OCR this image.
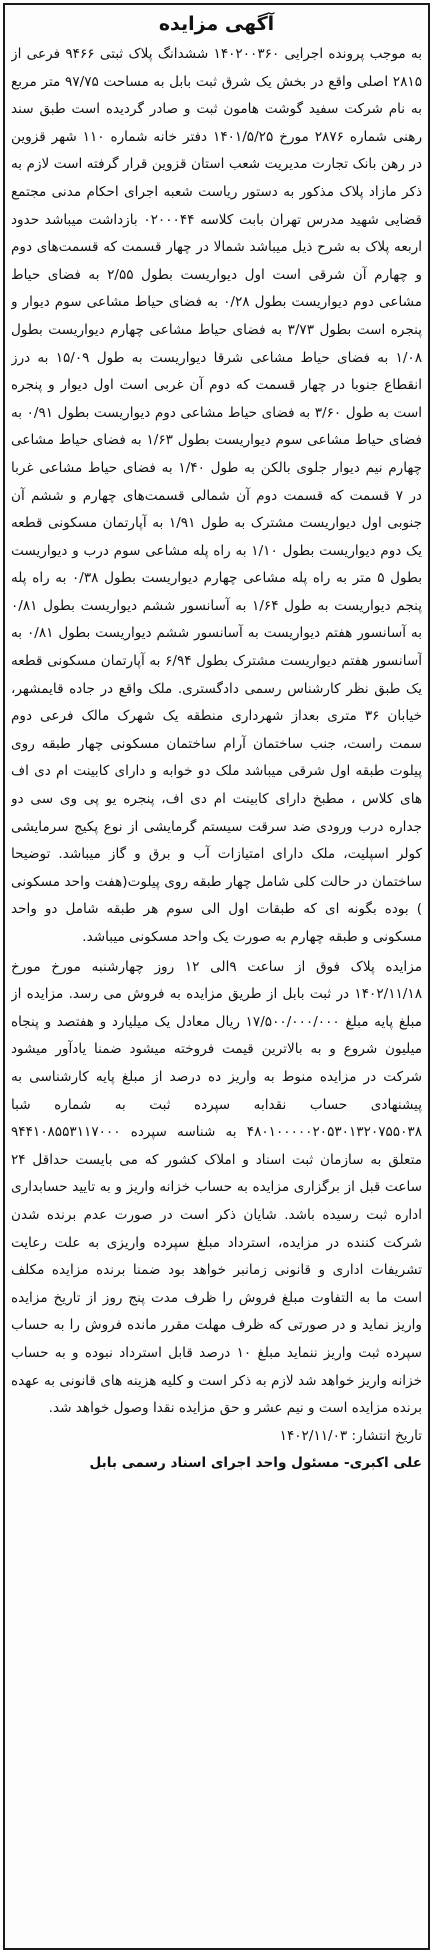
آگهی مزایده

به موجب پرونده اجرایی ۱۴۰۲۰۰۳۶۰ ششدانگ پلاک ثبتی ۹۴۶۶ فرعی از ۲۸۱۵ اصلی واقع در بخش یک شرق ثبت بابل به مساحت ۹۷/۷۵ متر مربع به نام شرکت سفید گوشت هامون ثبت و صادر گردیده است طبق سند رهنی شماره ۲۸۷۶ مورخ ۱۴۰۱/۵/۲۵ دفتر خانه شماره ۱۱۰ شهر قزوین در رهن بانک تجارت مدیریت شعب استان قزوین قرار گرفته است لازم به ذکر مازاد پلاک مذکور به دستور ریاست شعبه اجرای احکام مدنی مجتمع قضایی شهید مدرس تهران بابت کلاسه ۰۲۰۰۰۴۴ بازداشت میباشد حدود اربعه پلاک به شرح ذیل میباشد شمالا در چهار قسمت که قسمت‌های دوم و چهارم آن شرقی است اول دیواریست بطول ۲/۵۵ به فضای حیاط مشاعی دوم دیواریست بطول ۰/۲۸ به فضای حیاط مشاعی سوم دیوار و پنجره است بطول ۳/۷۳ به فضای حیاط مشاعی چهارم دیواریست بطول ۱/۰۸ به فضای حیاط مشاعی شرقا دیواریست به طول ۱۵/۰۹ به درز انقطاع جنوبا در چهار قسمت که دوم آن غربی است اول دیوار و پنجره است به طول ۳/۶۰ به فضای حیاط مشاعی دوم دیواریست بطول ۰/۹۱ به فضای حیاط مشاعی سوم دیواریست بطول ۱/۶۳ به فضای حیاط مشاعی چهارم نیم دیوار جلوی بالکن به طول ۱/۴۰ به فضای حیاط مشاعی غربا در ۷ قسمت که قسمت دوم آن شمالی قسمت‌های چهارم و ششم آن جنوبی اول دیواریست مشترک به طول ۱/۹۱ به آپارتمان مسکونی قطعه یک دوم دیواریست بطول ۱/۱۰ به راه پله مشاعی سوم درب و دیواریست بطول ۵ متر به راه پله مشاعی چهارم دیواریست بطول ۰/۳۸ به راه پله پنجم دیواریست به طول ۱/۶۴ به آسانسور ششم دیواریست بطول ۰/۸۱ به آسانسور هفتم دیواریست به آسانسور ششم دیواریست بطول ۰/۸۱ به آسانسور هفتم دیواریست مشترک بطول ۶/۹۴ به آپارتمان مسکونی قطعه یک طبق نظر کارشناس رسمی دادگستری. ملک واقع در جاده قایمشهر، خیابان ۳۶ متری بعداز شهرداری منطقه یک شهرک مالک فرعی دوم سمت راست، جنب ساختمان آرام ساختمان مسکونی چهار طبقه روی پیلوت طبقه اول شرقی میباشد ملک دو خوابه و دارای کابینت ام دی اف های کلاس ، مطبخ دارای کابینت ام دی اف، پنجره یو پی وی سی دو جداره درب ورودی ضد سرقت سیستم گرمایشی از نوع پکیج سرمایشی کولر اسپلیت، ملک دارای امتیازات آب و برق و گاز میباشد. توضیحا ساختمان در حالت کلی شامل چهار طبقه روی پیلوت(هفت واحد مسکونی ) بوده بگونه ای که طبقات اول الی سوم هر طبقه شامل دو واحد مسکونی و طبقه چهارم به صورت یک واحد مسکونی میباشد.

مزایده پلاک فوق از ساعت ۹الی ۱۲ روز چهارشنبه مورخ مورخ ۱۴۰۲/۱۱/۱۸ در ثبت بابل از طریق مزایده به فروش می رسد. مزایده از مبلغ پایه مبلغ ۱۷/۵۰۰/۰۰۰/۰۰۰ ریال معادل یک میلیارد و هفتصد و پنجاه میلیون شروع و به بالاترین قیمت فروخته میشود ضمنا یادآور میشود شرکت در مزایده منوط به واریز ده درصد از مبلغ پایه کارشناسی به پیشنهادی حساب نقدابه سپرده ثبت به شماره شبا ۴۸۰۱۰۰۰۰۰۲۰۵۳۰۱۳۲۰۷۵۵۰۳۸ به شناسه سپرده ۹۴۴۱۰۸۵۵۳۱۱۷۰۰۰ متعلق به سازمان ثبت اسناد و املاک کشور که می بایست حداقل ۲۴ ساعت قبل از برگزاری مزایده به حساب خزانه واریز و به تایید حسابداری اداره ثبت رسیده باشد. شایان ذکر است در صورت عدم برنده شدن شرکت کننده در مزایده، استرداد مبلغ سپرده واریزی به علت رعایت تشریفات اداری و قانونی زمانبر خواهد بود ضمنا برنده مزایده مکلف است ما به التفاوت مبلغ فروش را ظرف مدت پنج روز از تاریخ مزایده واریز نماید و در صورتی که ظرف مهلت مقرر مانده فروش را به حساب سپرده ثبت واریز ننماید مبلغ ۱۰ درصد قابل استرداد نبوده و به حساب خزانه واریز خواهد شد لازم به ذکر است و کلیه هزینه های قانونی به عهده برنده مزایده است و نیم عشر و حق مزایده نقدا وصول خواهد شد.

تاریخ انتشار: ۱۴۰۲/۱۱/۰۳
علی اکبری- مسئول واحد اجرای اسناد رسمی بابل
